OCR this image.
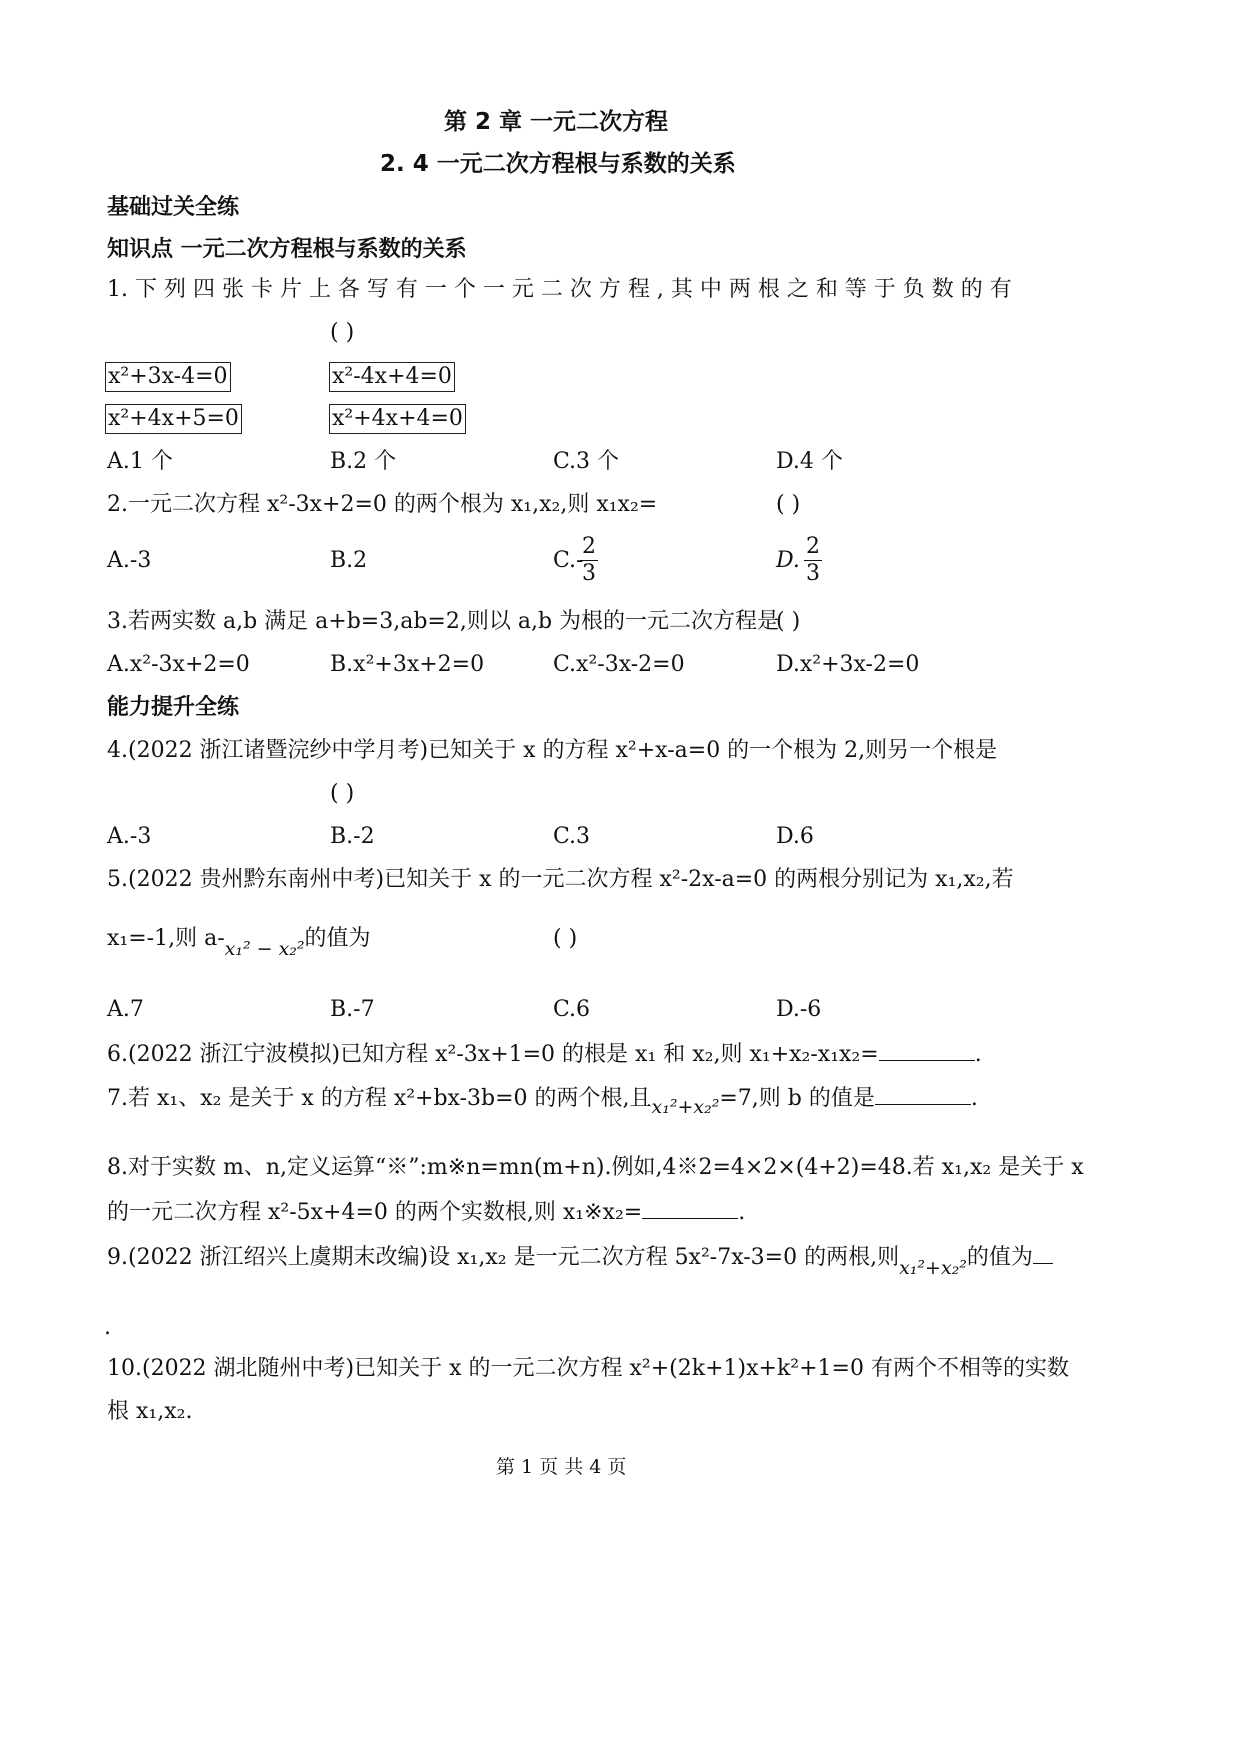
第 2 章 一元二次方程
2. 4 一元二次方程根与系数的关系
基础过关全练
知识点 一元二次方程根与系数的关系
1. 下 列 四 张 卡 片 上 各 写 有 一 个 一 元 二 次 方 程 , 其 中 两 根 之 和 等 于 负 数 的 有
( )
x²+3x-4=0	x²-4x+4=0
x²+4x+5=0	x²+4x+4=0
A.1 个	B.2 个	C.3 个	D.4 个
2.一元二次方程 x²-3x+2=0 的两个根为 x₁,x₂,则 x₁x₂=	( )
A.-3	B.2	C.-
2
3
D.
2
3
3.若两实数 a,b 满足 a+b=3,ab=2,则以 a,b 为根的一元二次方程是
( )
A.x²-3x+2=0	B.x²+3x+2=0	C.x²-3x-2=0	D.x²+3x-2=0
能力提升全练
4.(2022 浙江诸暨浣纱中学月考)已知关于 x 的方程 x²+x-a=0 的一个根为 2,则另一个根是
( )
A.-3	B.-2	C.3	D.6
5.(2022 贵州黔东南州中考)已知关于 x 的一元二次方程 x²-2x-a=0 的两根分别记为 x₁,x₂,若
x₁=-1,则 a-x₁² − x₂²的值为	( )
A.7	B.-7	C.6	D.-6
6.(2022 浙江宁波模拟)已知方程 x²-3x+1=0 的根是 x₁ 和 x₂,则 x₁+x₂-x₁x₂=	.
7.若 x₁、x₂ 是关于 x 的方程 x²+bx-3b=0 的两个根,且x₁²+x₂²=7,则 b 的值是	.
8.对于实数 m、n,定义运算“※”:m※n=mn(m+n).例如,4※2=4×2×(4+2)=48.若 x₁,x₂ 是关于 x
的一元二次方程 x²-5x+4=0 的两个实数根,则 x₁※x₂=	.
9.(2022 浙江绍兴上虞期末改编)设 x₁,x₂ 是一元二次方程 5x²-7x-3=0 的两根,则x₁²+x₂²的值为
.
10.(2022 湖北随州中考)已知关于 x 的一元二次方程 x²+(2k+1)x+k²+1=0 有两个不相等的实数
根 x₁,x₂.
第 1 页 共 4 页
